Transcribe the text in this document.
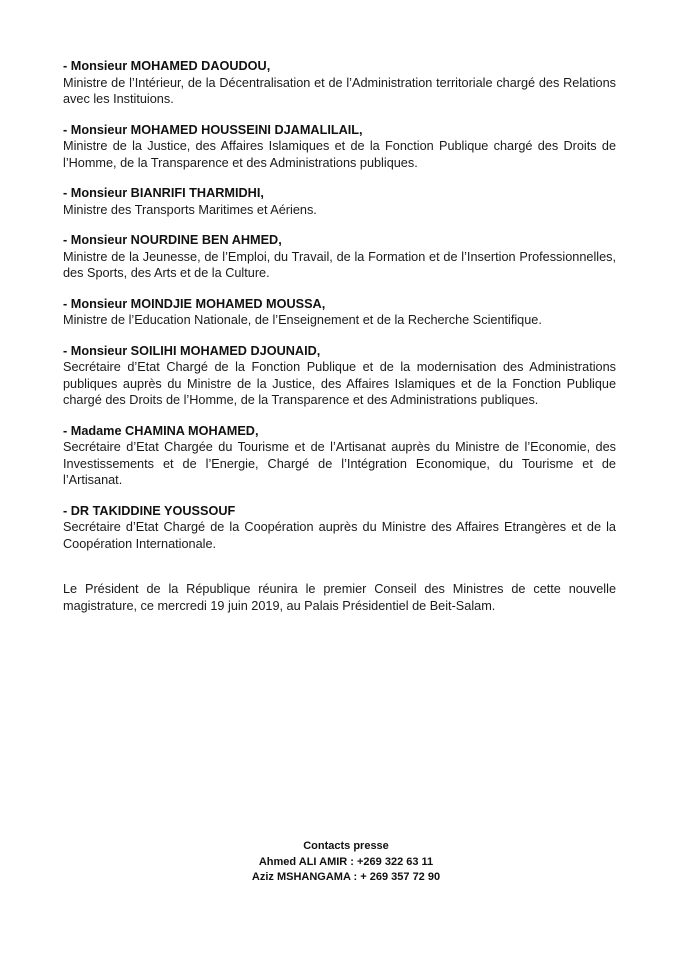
- Monsieur MOHAMED DAOUDOU,

Ministre de l’Intérieur, de la Décentralisation et de l’Administration territoriale chargé des Relations avec les Instituions.

- Monsieur MOHAMED HOUSSEINI DJAMALILAIL,

Ministre de la Justice, des Affaires Islamiques et de la Fonction Publique chargé des Droits de l’Homme, de la Transparence et des Administrations publiques.

- Monsieur BIANRIFI THARMIDHI,

Ministre des Transports Maritimes et Aériens.

- Monsieur NOURDINE BEN AHMED,

Ministre de la Jeunesse, de l’Emploi, du Travail, de la Formation et de l’Insertion Professionnelles, des Sports, des Arts et de la Culture.

- Monsieur MOINDJIE MOHAMED MOUSSA,

Ministre de l’Education Nationale, de l’Enseignement et de la Recherche Scientifique.

- Monsieur SOILIHI MOHAMED DJOUNAID,

Secrétaire d’Etat Chargé de la Fonction Publique et de la modernisation des Administrations publiques auprès du Ministre de la Justice, des Affaires Islamiques et de la Fonction Publique chargé des Droits de l’Homme, de la Transparence et des Administrations publiques.

- Madame CHAMINA MOHAMED,

Secrétaire d’Etat Chargée du Tourisme et de l’Artisanat auprès du Ministre de l’Economie, des Investissements et de l’Energie, Chargé de l’Intégration Economique, du Tourisme et de l’Artisanat.

- DR TAKIDDINE YOUSSOUF

Secrétaire d’Etat Chargé de la Coopération auprès du Ministre des Affaires Etrangères et de la Coopération Internationale.

Le Président de la République réunira le premier Conseil des Ministres de cette nouvelle magistrature, ce mercredi 19 juin 2019, au Palais Présidentiel de Beit-Salam.

Contacts presse

Ahmed ALI AMIR : +269 322 63 11

Aziz MSHANGAMA : + 269 357 72 90
